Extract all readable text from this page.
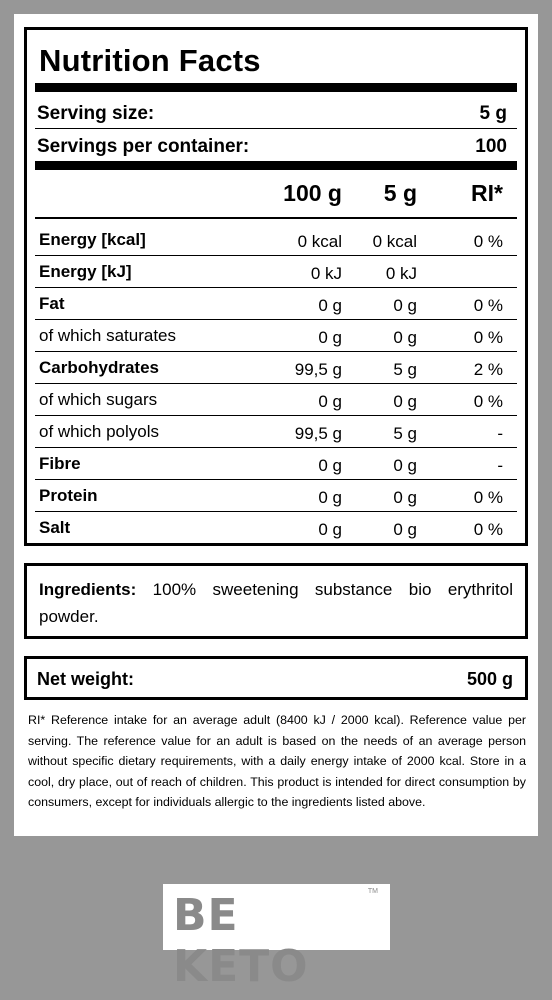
Nutrition Facts
Serving size:	5 g
Servings per container:	100
100 g 5 g RI*
Energy [kcal]	0 kcal 0 kcal	0 %
Energy [kJ]	0 kJ	0 kJ
Fat	0 g	0 g	0 %
of which saturates	0 g	0 g	0 %
Carbohydrates	99,5 g	5 g	2 %
of which sugars	0 g	0 g	0 %
of which polyols	99,5 g	5 g	-
Fibre	0 g	0 g	-
Protein	0 g	0 g	0 %
Salt	0 g	0 g	0 %
Ingredients: 100% sweetening substance bio erythritol powder.
Net weight:	500 g
RI* Reference intake for an average adult (8400 kJ / 2000 kcal). Reference value per serving. The reference value for an adult is based on the needs of an average person without specific dietary requirements, with a daily energy intake of 2000 kcal. Store in a cool, dry place, out of reach of children. This product is intended for direct consumption by consumers, except for individuals allergic to the ingredients listed above.
BE KETO
TM
